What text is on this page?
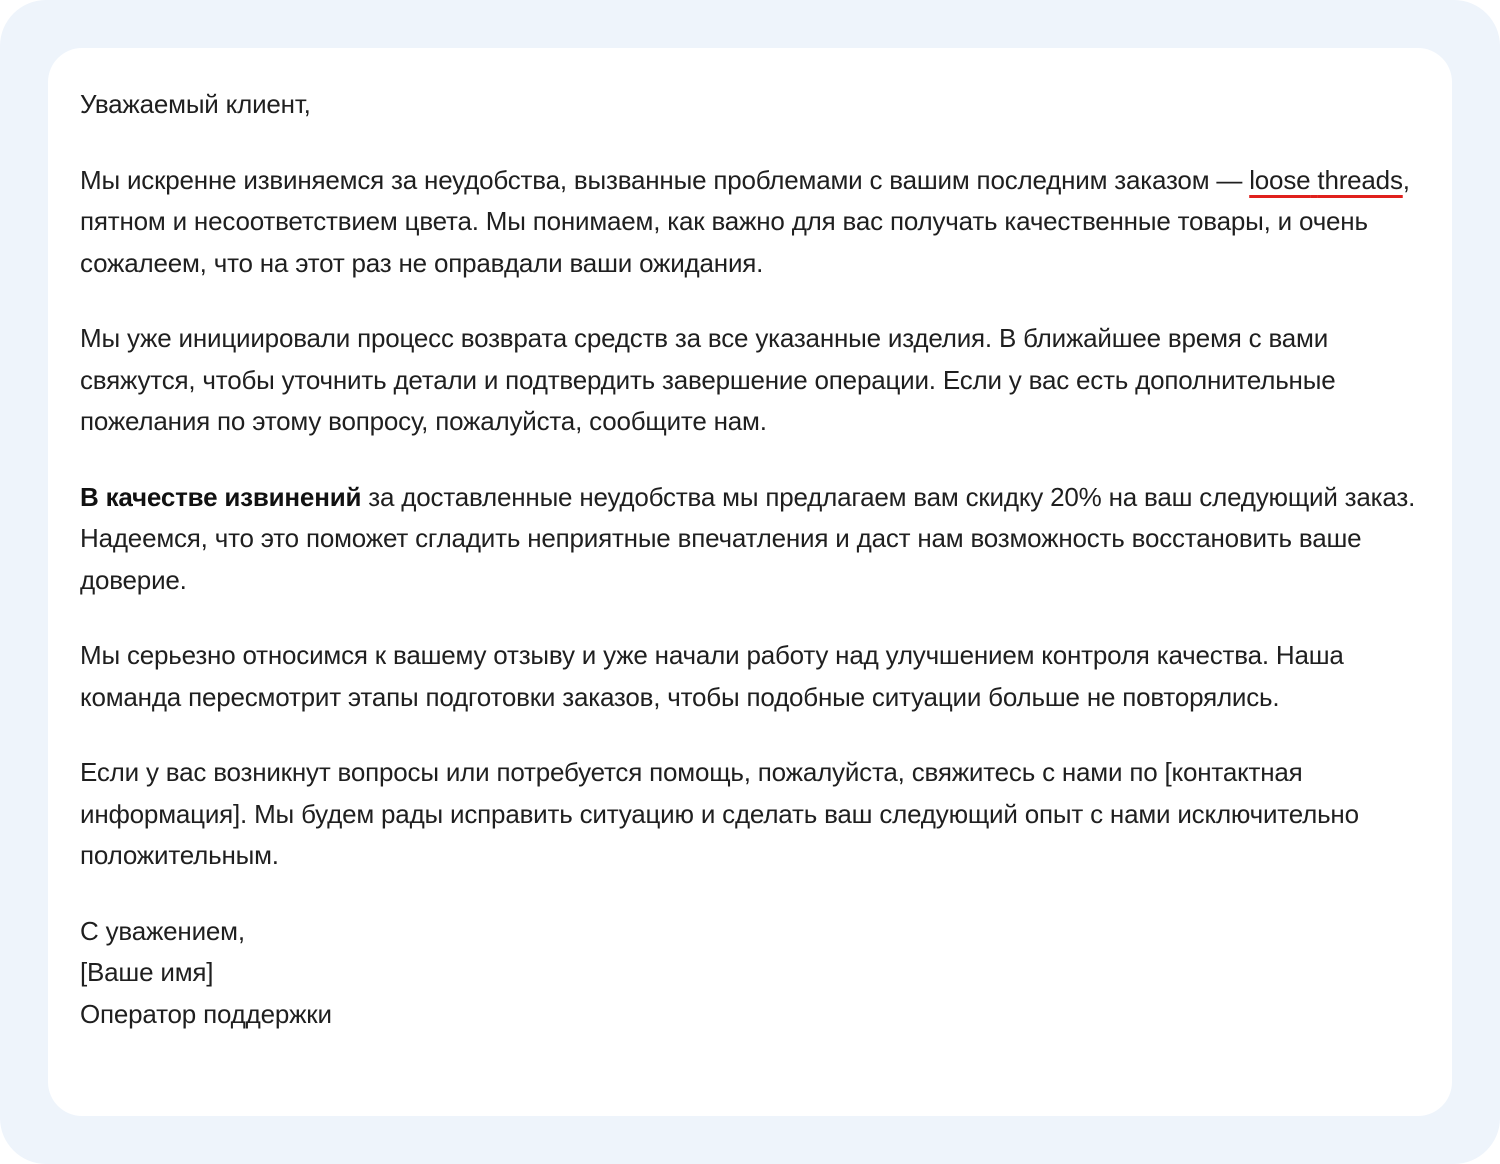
Уважаемый клиент,

Мы искренне извиняемся за неудобства, вызванные проблемами с вашим последним заказом — loose threads, пятном и несоответствием цвета. Мы понимаем, как важно для вас получать качественные товары, и очень сожалеем, что на этот раз не оправдали ваши ожидания.

Мы уже инициировали процесс возврата средств за все указанные изделия. В ближайшее время с вами свяжутся, чтобы уточнить детали и подтвердить завершение операции. Если у вас есть дополнительные пожелания по этому вопросу, пожалуйста, сообщите нам.

В качестве извинений за доставленные неудобства мы предлагаем вам скидку 20% на ваш следующий заказ. Надеемся, что это поможет сгладить неприятные впечатления и даст нам возможность восстановить ваше доверие.

Мы серьезно относимся к вашему отзыву и уже начали работу над улучшением контроля качества. Наша команда пересмотрит этапы подготовки заказов, чтобы подобные ситуации больше не повторялись.

Если у вас возникнут вопросы или потребуется помощь, пожалуйста, свяжитесь с нами по [контактная информация]. Мы будем рады исправить ситуацию и сделать ваш следующий опыт с нами исключительно положительным.

С уважением,

[Ваше имя]

Оператор поддержки
